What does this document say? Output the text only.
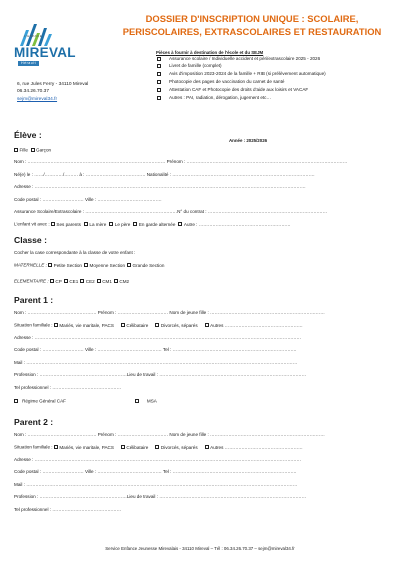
L'ESPACE
MIREVAL
Hérault
DOSSIER D'INSCRIPTION UNIQUE : SCOLAIRE,
PERISCOLAIRES, EXTRASCOLAIRES ET RESTAURATION
6, rue Jules Ferry - 34110 Mireval
06.34.26.70.37
sejm@mireval34.fr
Pièces à fournir à destination de l'école et du SEJM
Assurance scolaire / Individuelle accident et péri/extrascolaire 2025 - 2026
Livret de famille (complet)
Avis d'imposition 2023-2024 de la famille + RIB (si prélèvement automatique)
Photocopie des pages de vaccination du carnet de santé
Attestation CAF et Photocopie des droits d'aide aux loisirs et VACAF
Autres : PAI, radiation, dérogation, jugement etc…
Élève :
Année : 2025/2026
Fille Garçon
Nom : ……………………………………………………………………………… Prénom : ……………………………………………………………………………………………
Né(e) le : ……/…………/……… à : ………………………………… Nationalité : …………………………………………………………………………………
Adresse : ……………………………………………………………………………………………………………………………………………………………
Code postal : ……………………… Ville : ……………………………………
Assurance Scolaire/Extrascolaire : ……………………………………………………N° du contrat : ……………………………………………………………………
L'enfant vit avec : Ses parents La mère Le père En garde alternée Autre : ……………………………………………………
Classe :
Cocher la case correspondante à la classe de votre enfant :
MATERNELLE : Petite Section Moyenne Section Grande Section
ELEMENTAIRE : CP CE1 CE2 CM1 CM2
Parent 1 :
Nom : ……………………………………… Prénom : …………………………… Nom de jeune fille : …………………………………………………………………
Situation familiale : Mariés, vie maritale, PACS	Célibataire	Divorcés, séparés	Autres ……………………………………………
Adresse : …………………………………………………………………………………………………………………………………………………………
Code postal : ……………………… Ville : …………………………………… Tel : ………………………………………………………………………
Mail : ……………………………………………………………………………………………………………………………………………………………
Profession : …………………………………………………Lieu de travail : ……………………………………………………………………………………
Tel professionnel : ………………………………………
Régime Général CAF	MSA
Parent 2 :
Nom : ……………………………………… Prénom : …………………………… Nom de jeune fille : …………………………………………………………………
Situation familiale : Mariés, vie maritale, PACS	Célibataire	Divorcés, séparés	Autres ……………………………………………
Adresse : …………………………………………………………………………………………………………………………………………………………
Code postal : ……………………… Ville : …………………………………… Tel : ………………………………………………………………………
Mail : ……………………………………………………………………………………………………………………………………………………………
Profession : …………………………………………………Lieu de travail : ……………………………………………………………………………………
Tel professionnel : ………………………………………
Service Enfance Jeunesse Mirevalais - 34110 Mireval – Tél : 06.34.26.70.37 – sejm@mireval34.fr
